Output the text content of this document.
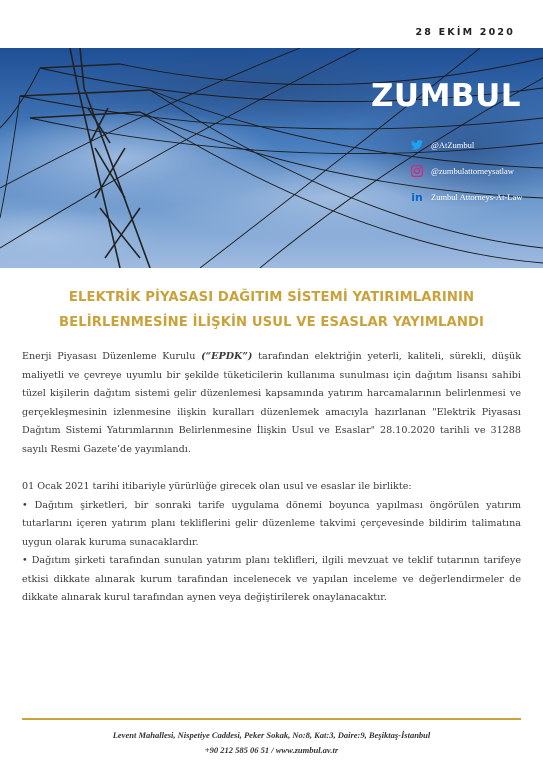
28 EKİM 2020
ZUMBUL
@AtZumbul
@zumbulattorneysatlaw
in Zumbul Attorneys-At-Law
ELEKTRİK PİYASASI DAĞITIM SİSTEMİ YATIRIMLARININ
BELİRLENMESİNE İLİŞKİN USUL VE ESASLAR YAYIMLANDI

Enerji Piyasası Düzenleme Kurulu (“EPDK”) tarafından elektriğin yeterli, kaliteli, sürekli, düşük maliyetli ve çevreye uyumlu bir şekilde tüketicilerin kullanıma sunulması için dağıtım lisansı sahibi tüzel kişilerin dağıtım sistemi gelir düzenlemesi kapsamında yatırım harcamalarının belirlenmesi ve gerçekleşmesinin izlenmesine ilişkin kuralları düzenlemek amacıyla hazırlanan "Elektrik Piyasası Dağıtım Sistemi Yatırımlarının Belirlenmesine İlişkin Usul ve Esaslar" 28.10.2020 tarihli ve 31288 sayılı Resmi Gazete’de yayımlandı.

01 Ocak 2021 tarihi itibariyle yürürlüğe girecek olan usul ve esaslar ile birlikte:

• Dağıtım şirketleri, bir sonraki tarife uygulama dönemi boyunca yapılması öngörülen yatırım tutarlarını içeren yatırım planı tekliflerini gelir düzenleme takvimi çerçevesinde bildirim talimatına uygun olarak kuruma sunacaklardır.

• Dağıtım şirketi tarafından sunulan yatırım planı teklifleri, ilgili mevzuat ve teklif tutarının tarifeye etkisi dikkate alınarak kurum tarafından incelenecek ve yapılan inceleme ve değerlendirmeler de dikkate alınarak kurul tarafından aynen veya değiştirilerek onaylanacaktır.

Levent Mahallesi, Nispetiye Caddesi, Peker Sokak, No:8, Kat:3, Daire:9, Beşiktaş-İstanbul
+90 212 585 06 51 / www.zumbul.av.tr
